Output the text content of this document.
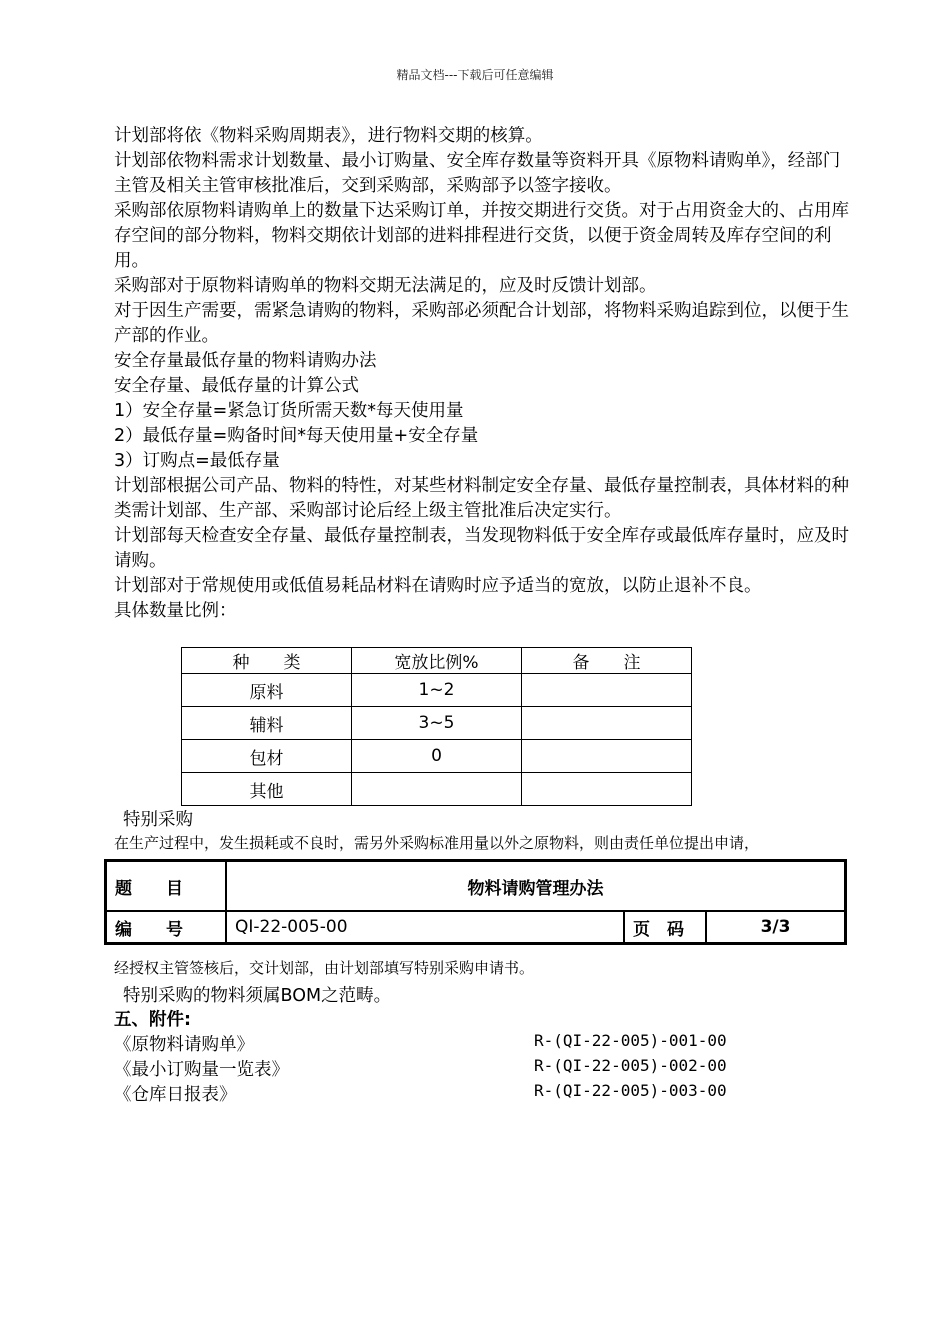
精品文档---下载后可任意编辑

计划部将依《物料采购周期表》，进行物料交期的核算。

计划部依物料需求计划数量、最小订购量、安全库存数量等资料开具《原物料请购单》，经部门主管及相关主管审核批准后，交到采购部，采购部予以签字接收。

采购部依原物料请购单上的数量下达采购订单，并按交期进行交货。对于占用资金大的、占用库存空间的部分物料，物料交期依计划部的进料排程进行交货，以便于资金周转及库存空间的利用。

采购部对于原物料请购单的物料交期无法满足的，应及时反馈计划部。

对于因生产需要，需紧急请购的物料，采购部必须配合计划部，将物料采购追踪到位，以便于生产部的作业。

安全存量最低存量的物料请购办法

安全存量、最低存量的计算公式

1）安全存量=紧急订货所需天数*每天使用量

2）最低存量=购备时间*每天使用量+安全存量

3）订购点=最低存量

计划部根据公司产品、物料的特性，对某些材料制定安全存量、最低存量控制表，具体材料的种类需计划部、生产部、采购部讨论后经上级主管批准后决定实行。

计划部每天检查安全存量、最低存量控制表，当发现物料低于安全库存或最低库存量时，应及时请购。

计划部对于常规使用或低值易耗品材料在请购时应予适当的宽放，以防止退补不良。

具体数量比例：

种　　类	宽放比例%	备　　注
原料	1~2	
辅料	3~5	
包材	0	
其他		
特别采购
在生产过程中，发生损耗或不良时，需另外采购标准用量以外之原物料，则由责任单位提出申请，
题　　目	物料请购管理办法		
编　　号	QI-22-005-00	页　码	3/3
经授权主管签核后，交计划部，由计划部填写特别采购申请书。
特别采购的物料须属BOM之范畴。
五、附件:
《原物料请购单》	R-(QI-22-005)-001-00
《最小订购量一览表》	R-(QI-22-005)-002-00
《仓库日报表》	R-(QI-22-005)-003-00
